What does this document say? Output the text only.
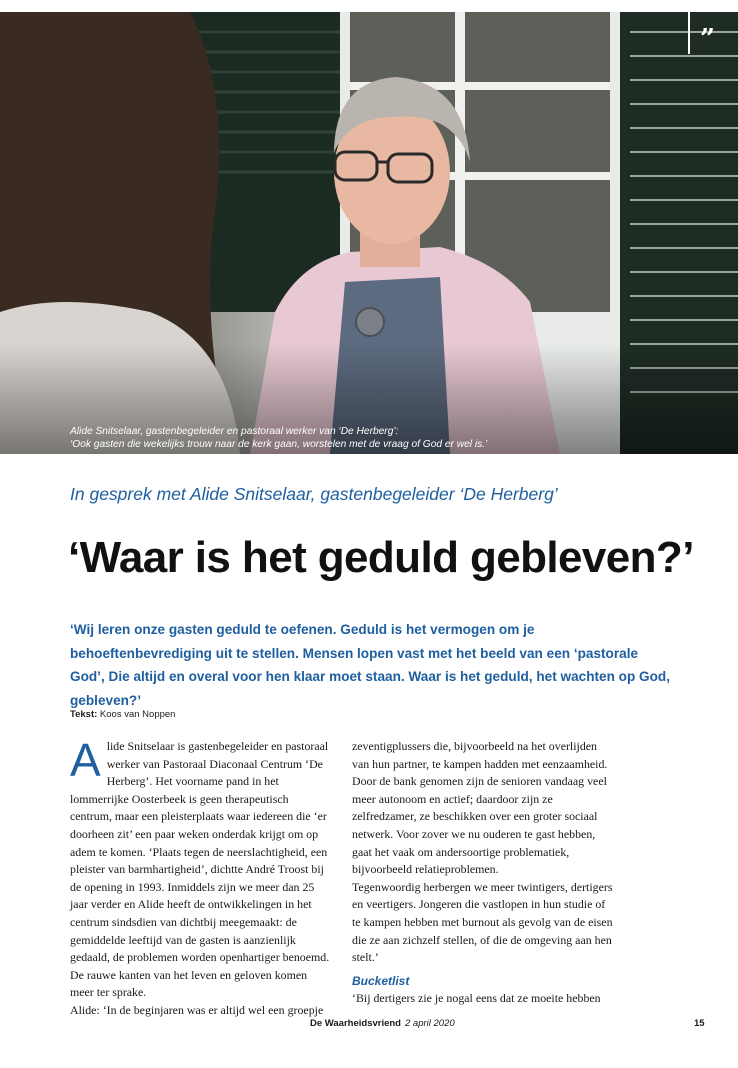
Alide Snitselaar, gastenbegeleider en pastoraal werker van ‘De Herberg’:
‘Ook gasten die wekelijks trouw naar de kerk gaan, worstelen met de vraag of God er wel is.’
”
In gesprek met Alide Snitselaar, gastenbegeleider ‘De Herberg’
‘Waar is het geduld gebleven?’
‘Wij leren onze gasten geduld te oefenen. Geduld is het vermogen om je behoeftenbevrediging uit te stellen. Mensen lopen vast met het beeld van een ‘pastorale God’, Die altijd en overal voor hen klaar moet staan. Waar is het geduld, het wachten op God, gebleven?’
Tekst: Koos van Noppen

Alide Snitselaar is gastenbegeleider en pastoraal werker van Pastoraal Diaconaal Centrum ‘De Herberg’. Het voorname pand in het lommerrijke Oosterbeek is geen therapeutisch centrum, maar een pleisterplaats waar iedereen die ‘er doorheen zit’ een paar weken onderdak krijgt om op adem te komen. ‘Plaats tegen de neerslachtigheid, een pleister van barmhartigheid’, dichtte André Troost bij de opening in 1993. Inmiddels zijn we meer dan 25 jaar verder en Alide heeft de ontwikkelingen in het centrum sindsdien van dichtbij meegemaakt: de gemiddelde leeftijd van de gasten is aanzienlijk gedaald, de problemen worden openhartiger benoemd. De rauwe kanten van het leven en geloven komen meer ter sprake.

Alide: ‘In de beginjaren was er altijd wel een groepje

zeventigplussers die, bijvoorbeeld na het overlijden van hun partner, te kampen hadden met eenzaamheid. Door de bank genomen zijn de senioren vandaag veel meer autonoom en actief; daardoor zijn ze zelfredzamer, ze beschikken over een groter sociaal netwerk. Voor zover we nu ouderen te gast hebben, gaat het vaak om andersoortige problematiek, bijvoorbeeld relatieproblemen.

Tegenwoordig herbergen we meer twintigers, dertigers en veertigers. Jongeren die vastlopen in hun studie of te kampen hebben met burnout als gevolg van de eisen die ze aan zichzelf stellen, of die de omgeving aan hen stelt.’

Bucketlist

‘Bij dertigers zie je nogal eens dat ze moeite hebben

De Waarheidsvriend 2 april 2020	15
